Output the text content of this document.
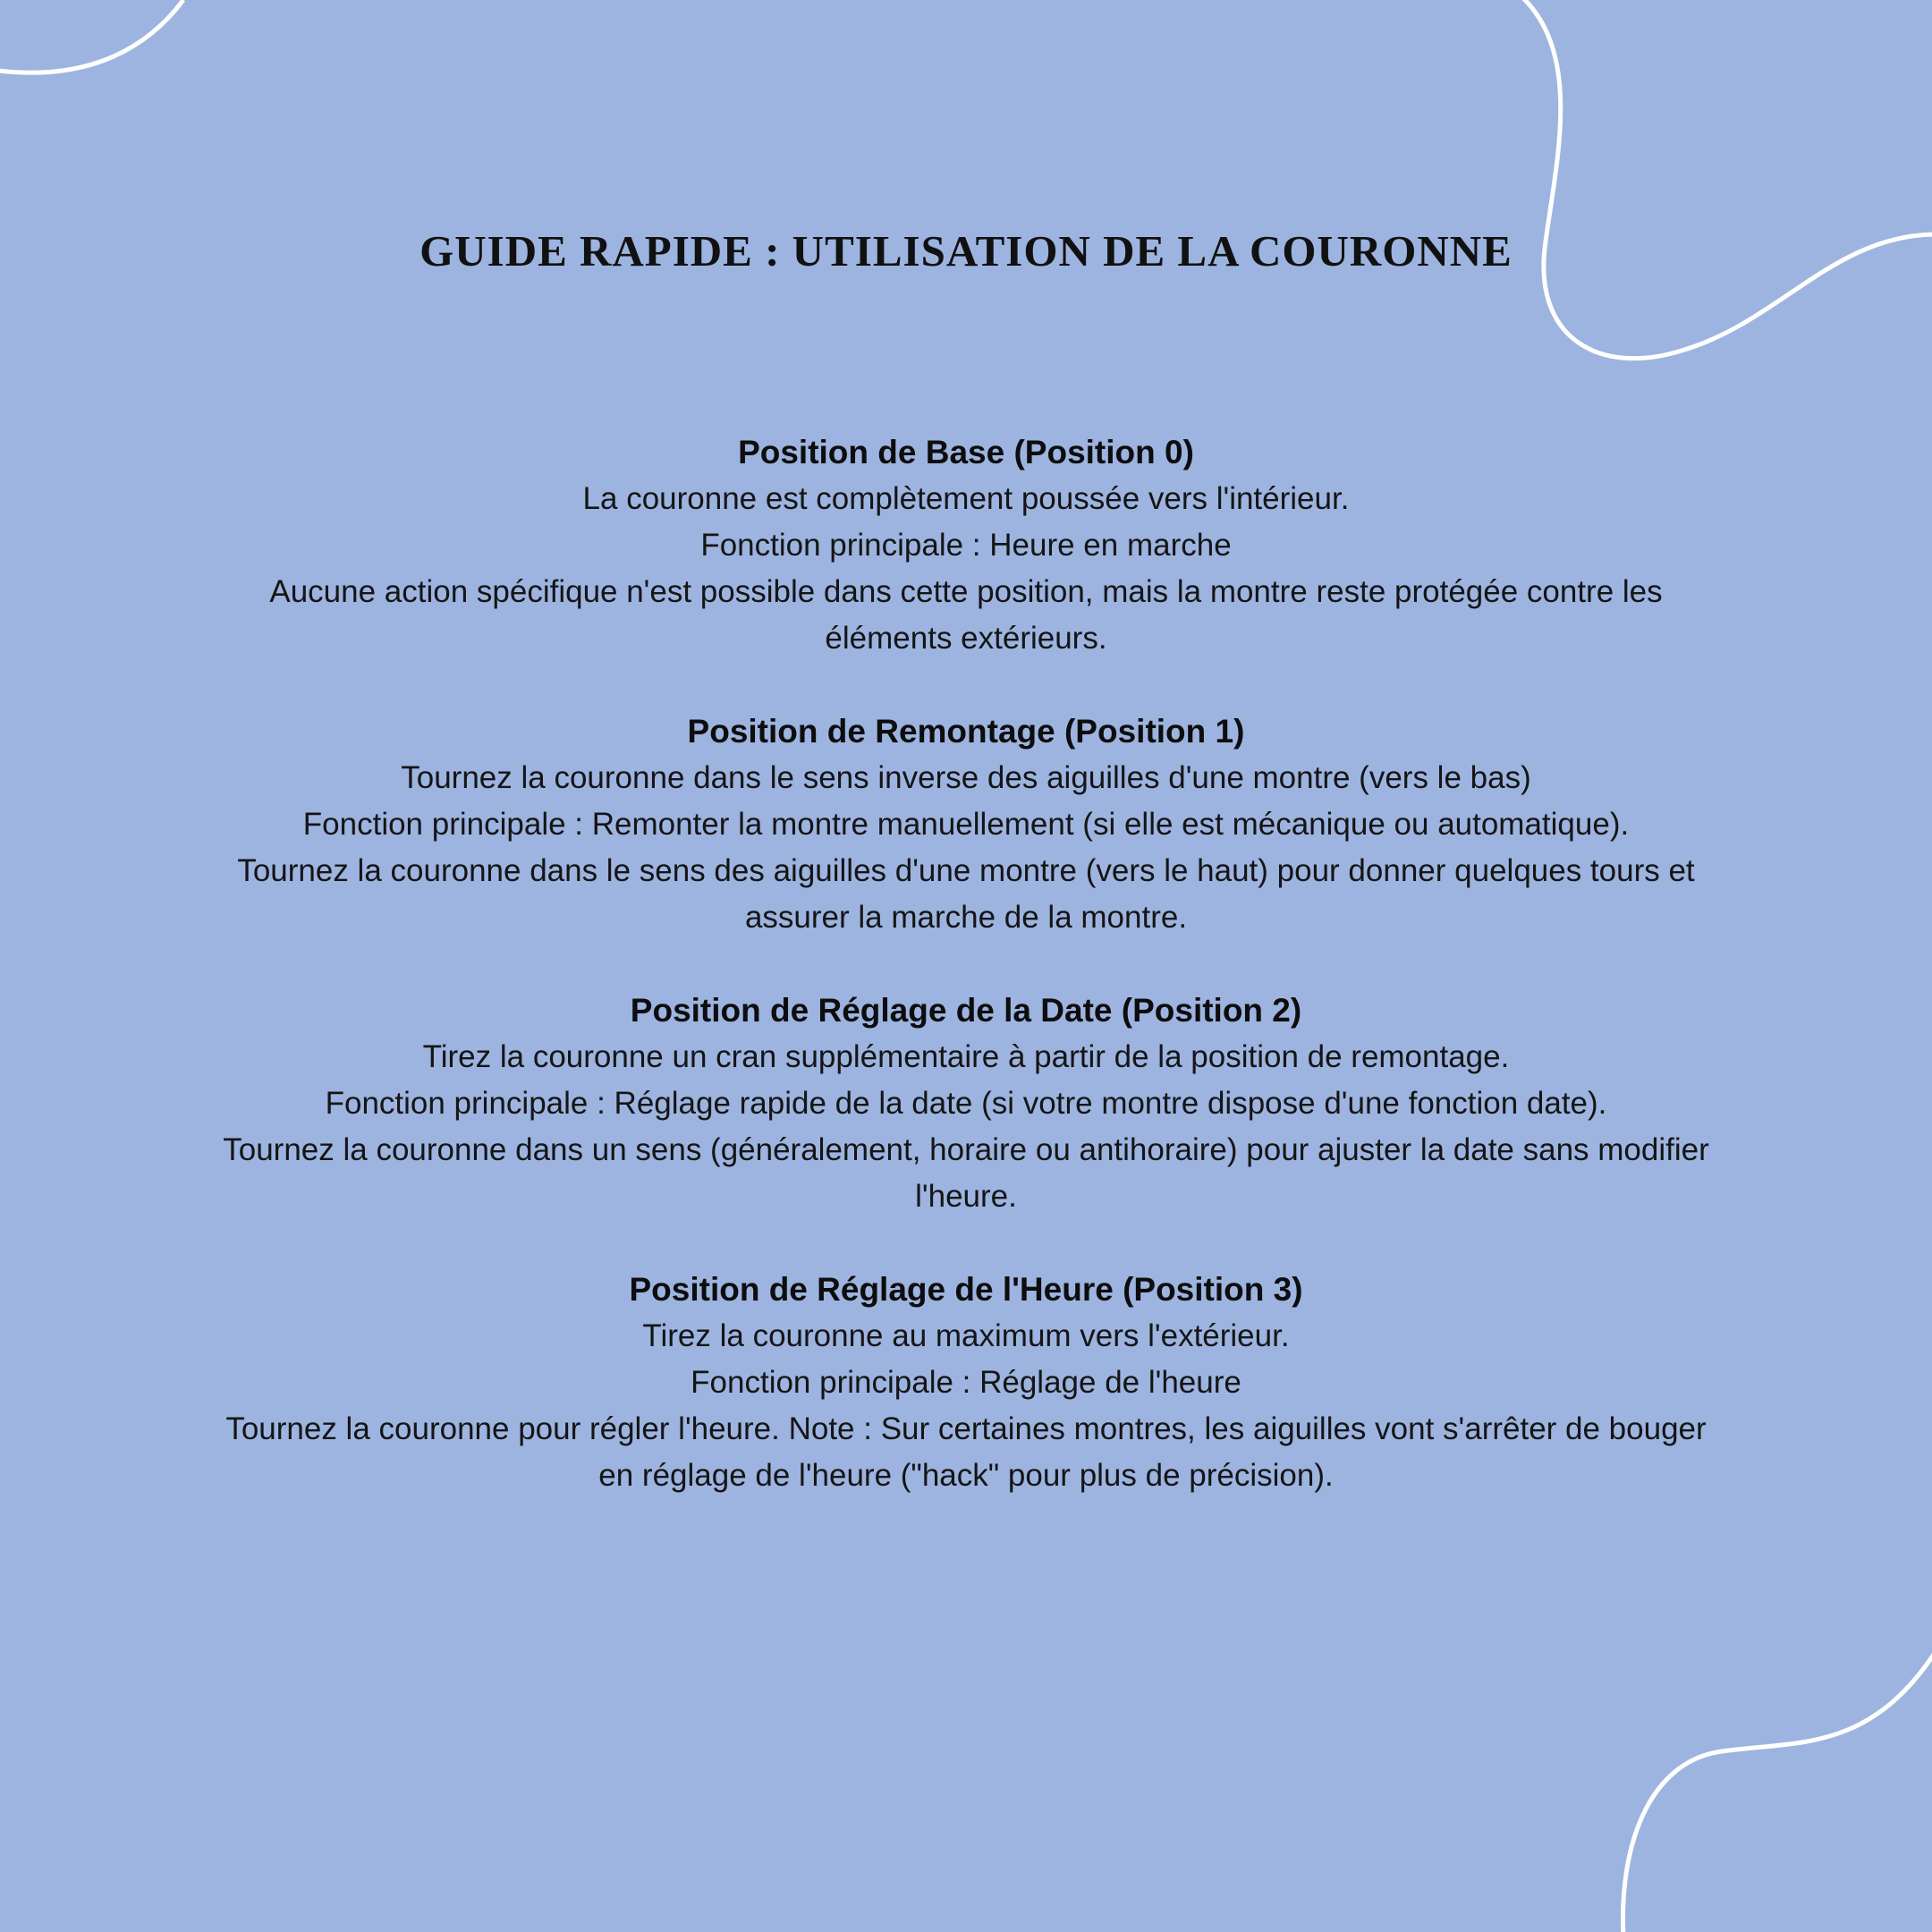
GUIDE RAPIDE : UTILISATION DE LA COURONNE
Position de Base (Position 0)
La couronne est complètement poussée vers l'intérieur.
Fonction principale : Heure en marche
Aucune action spécifique n'est possible dans cette position, mais la montre reste protégée contre les éléments extérieurs.
Position de Remontage (Position 1)
Tournez la couronne dans le sens inverse des aiguilles d'une montre (vers le bas)
Fonction principale : Remonter la montre manuellement (si elle est mécanique ou automatique).
Tournez la couronne dans le sens des aiguilles d'une montre (vers le haut) pour donner quelques tours et assurer la marche de la montre.
Position de Réglage de la Date (Position 2)
Tirez la couronne un cran supplémentaire à partir de la position de remontage.
Fonction principale : Réglage rapide de la date (si votre montre dispose d'une fonction date).
Tournez la couronne dans un sens (généralement, horaire ou antihoraire) pour ajuster la date sans modifier l'heure.
Position de Réglage de l'Heure (Position 3)
Tirez la couronne au maximum vers l'extérieur.
Fonction principale : Réglage de l'heure
Tournez la couronne pour régler l'heure. Note : Sur certaines montres, les aiguilles vont s'arrêter de bouger en réglage de l'heure ("hack" pour plus de précision).
